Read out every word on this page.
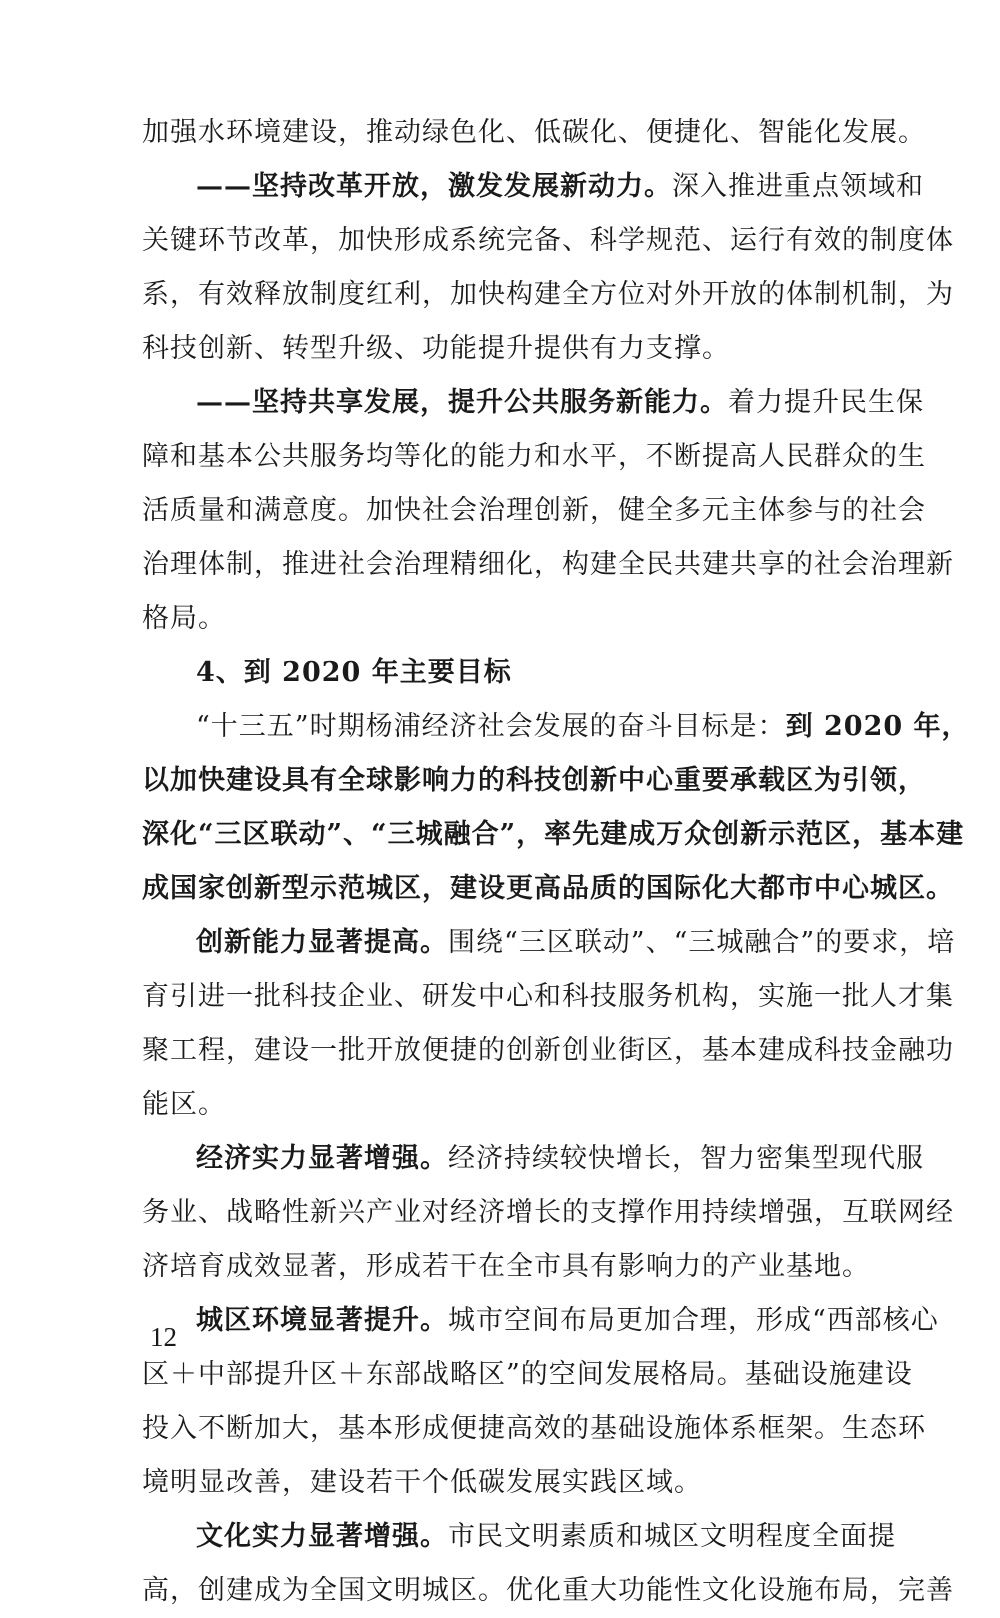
加强水环境建设，推动绿色化、低碳化、便捷化、智能化发展。
——坚持改革开放，激发发展新动力。深入推进重点领域和
关键环节改革，加快形成系统完备、科学规范、运行有效的制度体
系，有效释放制度红利，加快构建全方位对外开放的体制机制，为
科技创新、转型升级、功能提升提供有力支撑。
——坚持共享发展，提升公共服务新能力。着力提升民生保
障和基本公共服务均等化的能力和水平，不断提高人民群众的生
活质量和满意度。加快社会治理创新，健全多元主体参与的社会
治理体制，推进社会治理精细化，构建全民共建共享的社会治理新
格局。
4、到 2020 年主要目标
“十三五”时期杨浦经济社会发展的奋斗目标是：到 2020 年，
以加快建设具有全球影响力的科技创新中心重要承载区为引领，
深化“三区联动”、“三城融合”，率先建成万众创新示范区，基本建
成国家创新型示范城区，建设更高品质的国际化大都市中心城区。
创新能力显著提高。围绕“三区联动”、“三城融合”的要求，培
育引进一批科技企业、研发中心和科技服务机构，实施一批人才集
聚工程，建设一批开放便捷的创新创业街区，基本建成科技金融功
能区。
经济实力显著增强。经济持续较快增长，智力密集型现代服
务业、战略性新兴产业对经济增长的支撑作用持续增强，互联网经
济培育成效显著，形成若干在全市具有影响力的产业基地。
城区环境显著提升。城市空间布局更加合理，形成“西部核心
区＋中部提升区＋东部战略区”的空间发展格局。基础设施建设
投入不断加大，基本形成便捷高效的基础设施体系框架。生态环
境明显改善，建设若干个低碳发展实践区域。
文化实力显著增强。市民文明素质和城区文明程度全面提
高，创建成为全国文明城区。优化重大功能性文化设施布局，完善
12
